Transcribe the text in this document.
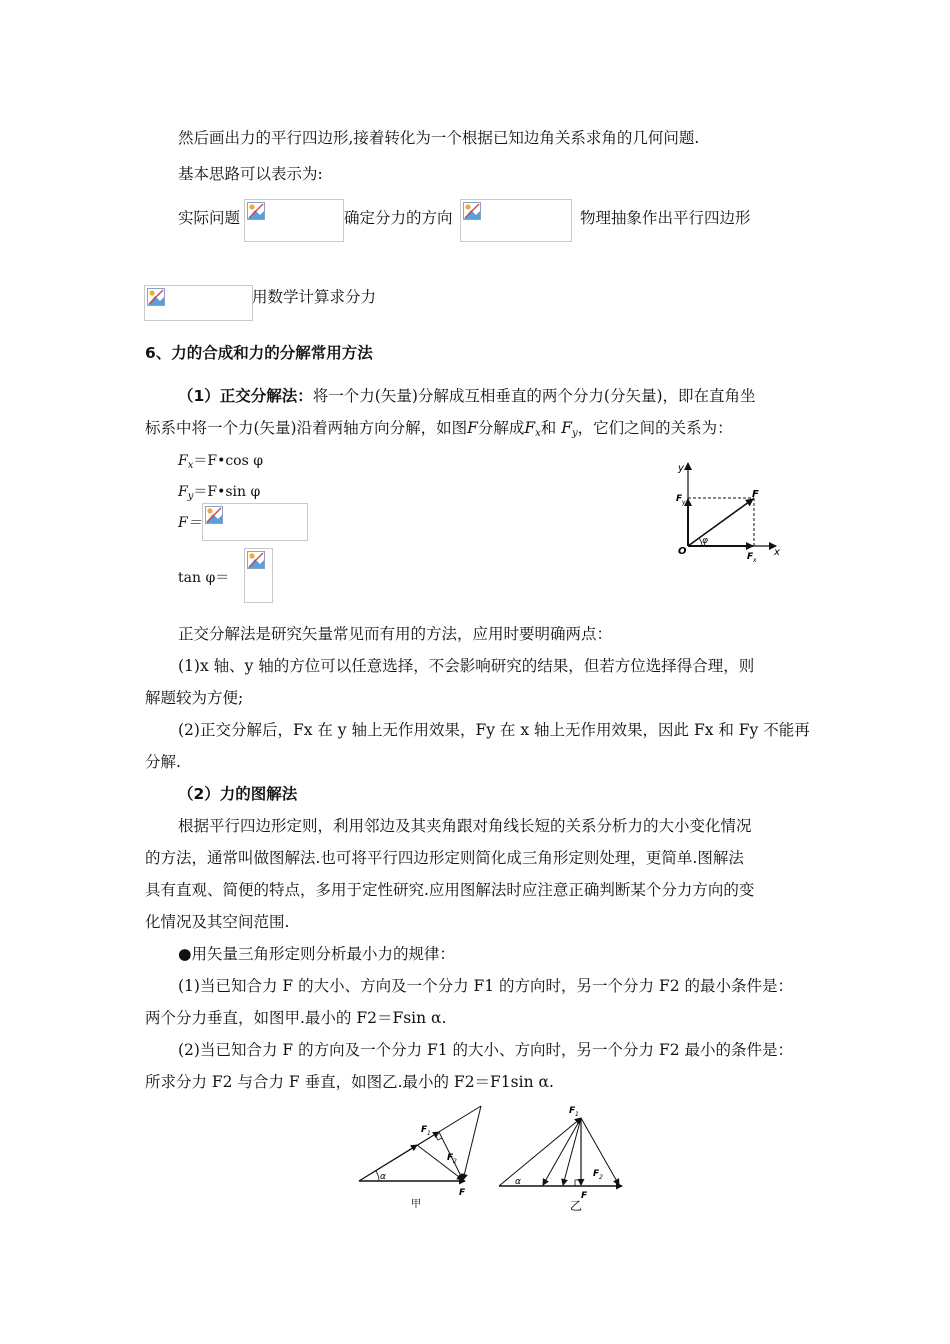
然后画出力的平行四边形,接着转化为一个根据已知边角关系求角的几何问题.
基本思路可以表示为:
实际问题	确定分力的方向	物理抽象作出平行四边形
用数学计算求分力
6、力的合成和力的分解常用方法
（1）正交分解法：将一个力(矢量)分解成互相垂直的两个分力(分矢量)，即在直角坐
标系中将一个力(矢量)沿着两轴方向分解，如图F分解成$F_x$和 $F_y$，它们之间的关系为：
$F_x=F•\cos$ φ
$F_y=F•\sin$ φ
F＝
tan φ＝
y
x
O
F
F y
F x
φ
正交分解法是研究矢量常见而有用的方法，应用时要明确两点：
(1)x 轴、y 轴的方位可以任意选择，不会影响研究的结果，但若方位选择得合理，则
解题较为方便;
(2)正交分解后，Fx 在 y 轴上无作用效果，Fy 在 x 轴上无作用效果，因此 Fx 和 Fy 不能再
分解.
（2）力的图解法
根据平行四边形定则，利用邻边及其夹角跟对角线长短的关系分析力的大小变化情况
的方法，通常叫做图解法.也可将平行四边形定则简化成三角形定则处理，更简单.图解法
具有直观、简便的特点，多用于定性研究.应用图解法时应注意正确判断某个分力方向的变
化情况及其空间范围.
●用矢量三角形定则分析最小力的规律：
(1)当已知合力 F 的大小、方向及一个分力 F1 的方向时，另一个分力 F2 的最小条件是：
两个分力垂直，如图甲.最小的 F2＝Fsin α.
(2)当已知合力 F 的方向及一个分力 F1 的大小、方向时，另一个分力 F2 最小的条件是：
所求分力 F2 与合力 F 垂直，如图乙.最小的 F2＝F1sin α.
α
F 1
F 2
F
甲
α
F 1
F 2
F
乙
